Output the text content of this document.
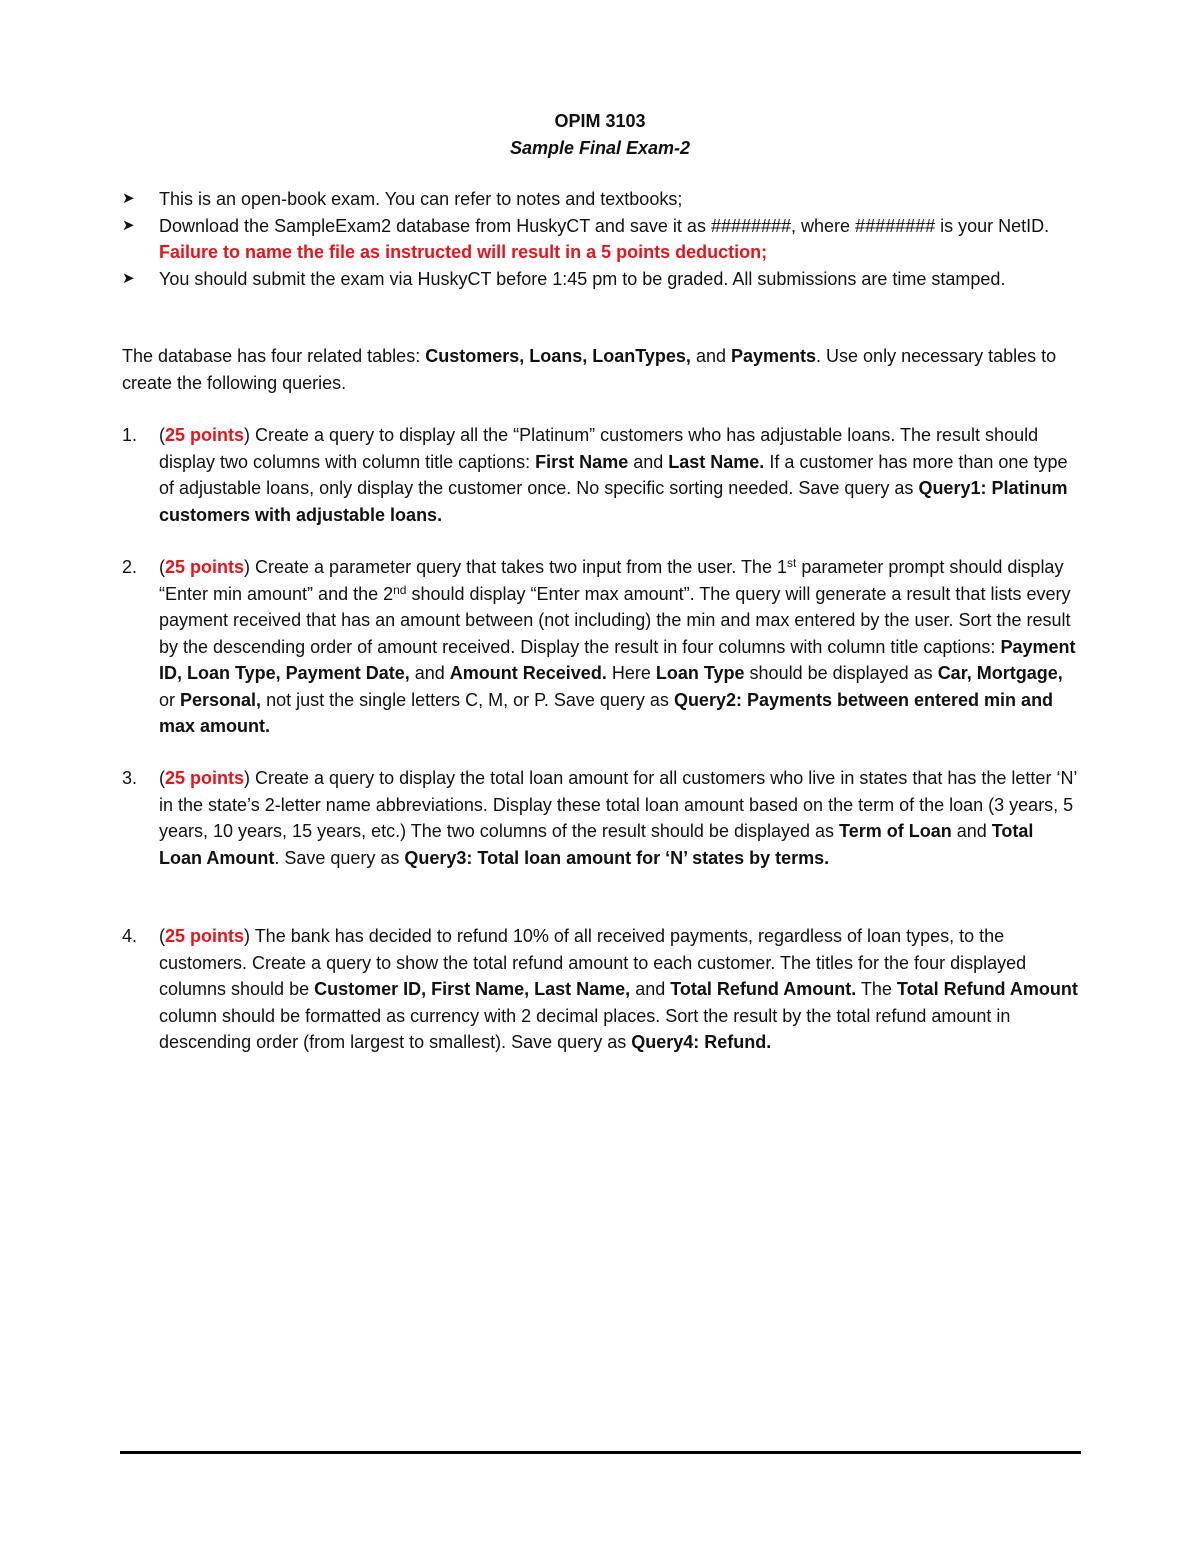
OPIM 3103
Sample Final Exam-2
➤ This is an open-book exam. You can refer to notes and textbooks;
➤ Download the SampleExam2 database from HuskyCT and save it as ########, where ######## is your NetID.  Failure to name the file as instructed will result in a 5 points deduction;
➤ You should submit the exam via HuskyCT before 1:45 pm to be graded. All submissions are time stamped.
The database has four related tables: Customers, Loans, LoanTypes, and Payments. Use only necessary tables to create the following queries.
1. (25 points) Create a query to display all the “Platinum” customers who has adjustable loans. The result should display two columns with column title captions: First Name and Last Name. If a customer has more than one type of adjustable loans, only display the customer once. No specific sorting needed. Save query as Query1: Platinum customers with adjustable loans.
2. (25 points) Create a parameter query that takes two input from the user. The 1st parameter prompt should display “Enter min amount” and the 2nd should display “Enter max amount”. The query will generate a result that lists every payment received that has an amount between (not including) the min and max entered by the user. Sort the result by the descending order of amount received. Display the result in four columns with column title captions: Payment ID, Loan Type, Payment Date, and Amount Received. Here Loan Type should be displayed as Car, Mortgage, or Personal, not just the single letters C, M, or P. Save query as Query2: Payments between entered min and max amount.
3. (25 points) Create a query to display the total loan amount for all customers who live in states that has the letter ‘N’ in the state’s 2-letter name abbreviations. Display these total loan amount based on the term of the loan (3 years, 5 years, 10 years, 15 years, etc.) The two columns of the result should be displayed as Term of Loan and Total Loan Amount. Save query as Query3: Total loan amount for ‘N’ states by terms.
4. (25 points) The bank has decided to refund 10% of all received payments, regardless of loan types, to the customers. Create a query to show the total refund amount to each customer. The titles for the four displayed columns should be Customer ID, First Name, Last Name, and Total Refund Amount. The Total Refund Amount column should be formatted as currency with 2 decimal places. Sort the result by the total refund amount in descending order (from largest to smallest). Save query as Query4: Refund.
